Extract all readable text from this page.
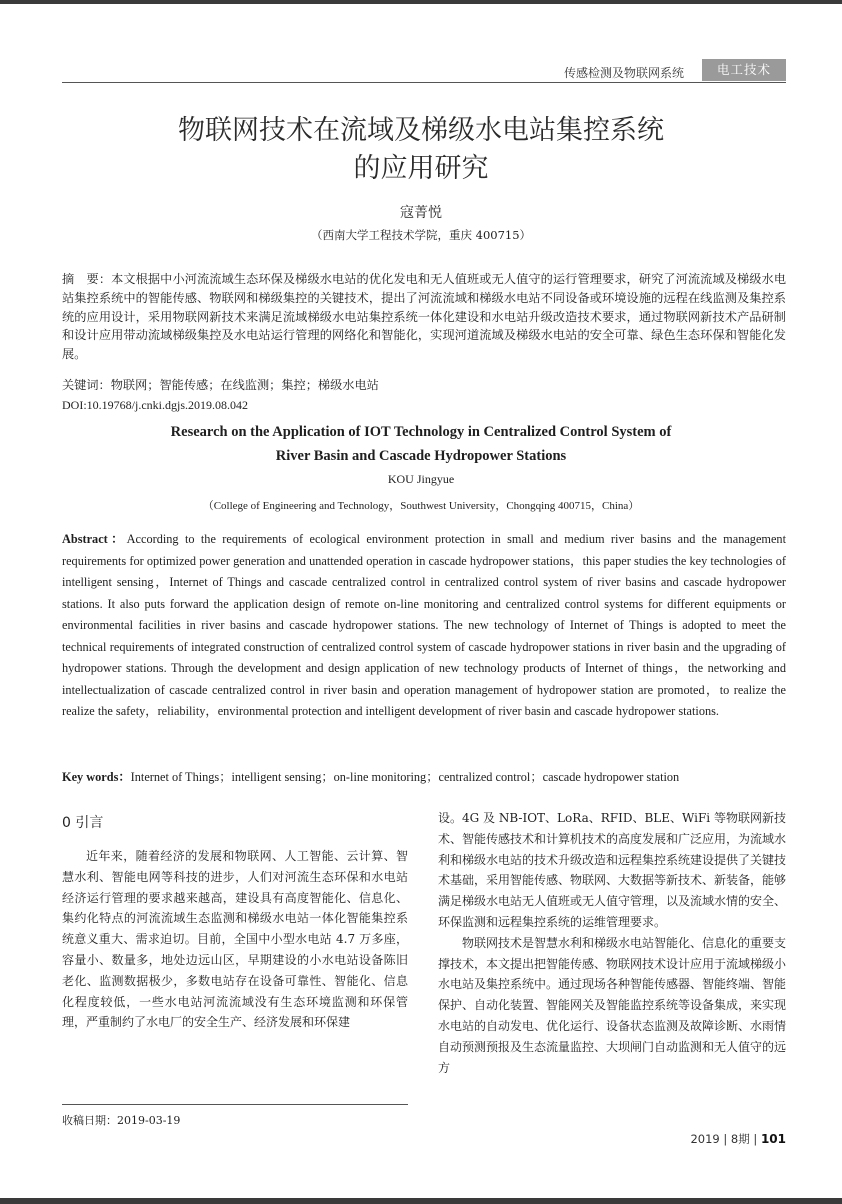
传感检测及物联网系统	电工技术
物联网技术在流域及梯级水电站集控系统
的应用研究
寇菁悦
（西南大学工程技术学院，重庆 400715）
摘　要：本文根据中小河流流域生态环保及梯级水电站的优化发电和无人值班或无人值守的运行管理要求，研究了河流流域及梯级水电站集控系统中的智能传感、物联网和梯级集控的关键技术，提出了河流流域和梯级水电站不同设备或环境设施的远程在线监测及集控系统的应用设计，采用物联网新技术来满足流域梯级水电站集控系统一体化建设和水电站升级改造技术要求，通过物联网新技术产品研制和设计应用带动流域梯级集控及水电站运行管理的网络化和智能化，实现河道流域及梯级水电站的安全可靠、绿色生态环保和智能化发展。
关键词：物联网；智能传感；在线监测；集控；梯级水电站
DOI:10.19768/j.cnki.dgjs.2019.08.042
Research on the Application of IOT Technology in Centralized Control System of
River Basin and Cascade Hydropower Stations
KOU Jingyue
（College of Engineering and Technology，Southwest University，Chongqing 400715，China）
Abstract：According to the requirements of ecological environment protection in small and medium river basins and the management requirements for optimized power generation and unattended operation in cascade hydropower stations，this paper studies the key technologies of intelligent sensing，Internet of Things and cascade centralized control in centralized control system of river basins and cascade hydropower stations. It also puts forward the application design of remote on-line monitoring and centralized control systems for different equipments or environmental facilities in river basins and cascade hydropower stations. The new technology of Internet of Things is adopted to meet the technical requirements of integrated construction of centralized control system of cascade hydropower stations in river basin and the upgrading of hydropower stations. Through the development and design application of new technology products of Internet of things，the networking and intellectualization of cascade centralized control in river basin and operation management of hydropower station are promoted，to realize the realize the safety，reliability，environmental protection and intelligent development of river basin and cascade hydropower stations.
Key words：Internet of Things；intelligent sensing；on-line monitoring；centralized control；cascade hydropower station
0 引言

近年来，随着经济的发展和物联网、人工智能、云计算、智慧水利、智能电网等科技的进步，人们对河流生态环保和水电站经济运行管理的要求越来越高，建设具有高度智能化、信息化、集约化特点的河流流域生态监测和梯级水电站一体化智能集控系统意义重大、需求迫切。目前，全国中小型水电站 4.7 万多座，容量小、数量多，地处边远山区，早期建设的小水电站设备陈旧老化、监测数据极少，多数电站存在设备可靠性、智能化、信息化程度较低，一些水电站河流流域没有生态环境监测和环保管理，严重制约了水电厂的安全生产、经济发展和环保建

设。4G 及 NB-IOT、LoRa、RFID、BLE、WiFi 等物联网新技术、智能传感技术和计算机技术的高度发展和广泛应用，为流域水利和梯级水电站的技术升级改造和远程集控系统建设提供了关键技术基础，采用智能传感、物联网、大数据等新技术、新装备，能够满足梯级水电站无人值班或无人值守管理，以及流域水情的安全、环保监测和远程集控系统的运维管理要求。

物联网技术是智慧水利和梯级水电站智能化、信息化的重要支撑技术，本文提出把智能传感、物联网技术设计应用于流域梯级小水电站及集控系统中。通过现场各种智能传感器、智能终端、智能保护、自动化装置、智能网关及智能监控系统等设备集成，来实现水电站的自动发电、优化运行、设备状态监测及故障诊断、水雨情自动预测预报及生态流量监控、大坝闸门自动监测和无人值守的远方

收稿日期：2019-03-19
2019 | 8期 | 101
